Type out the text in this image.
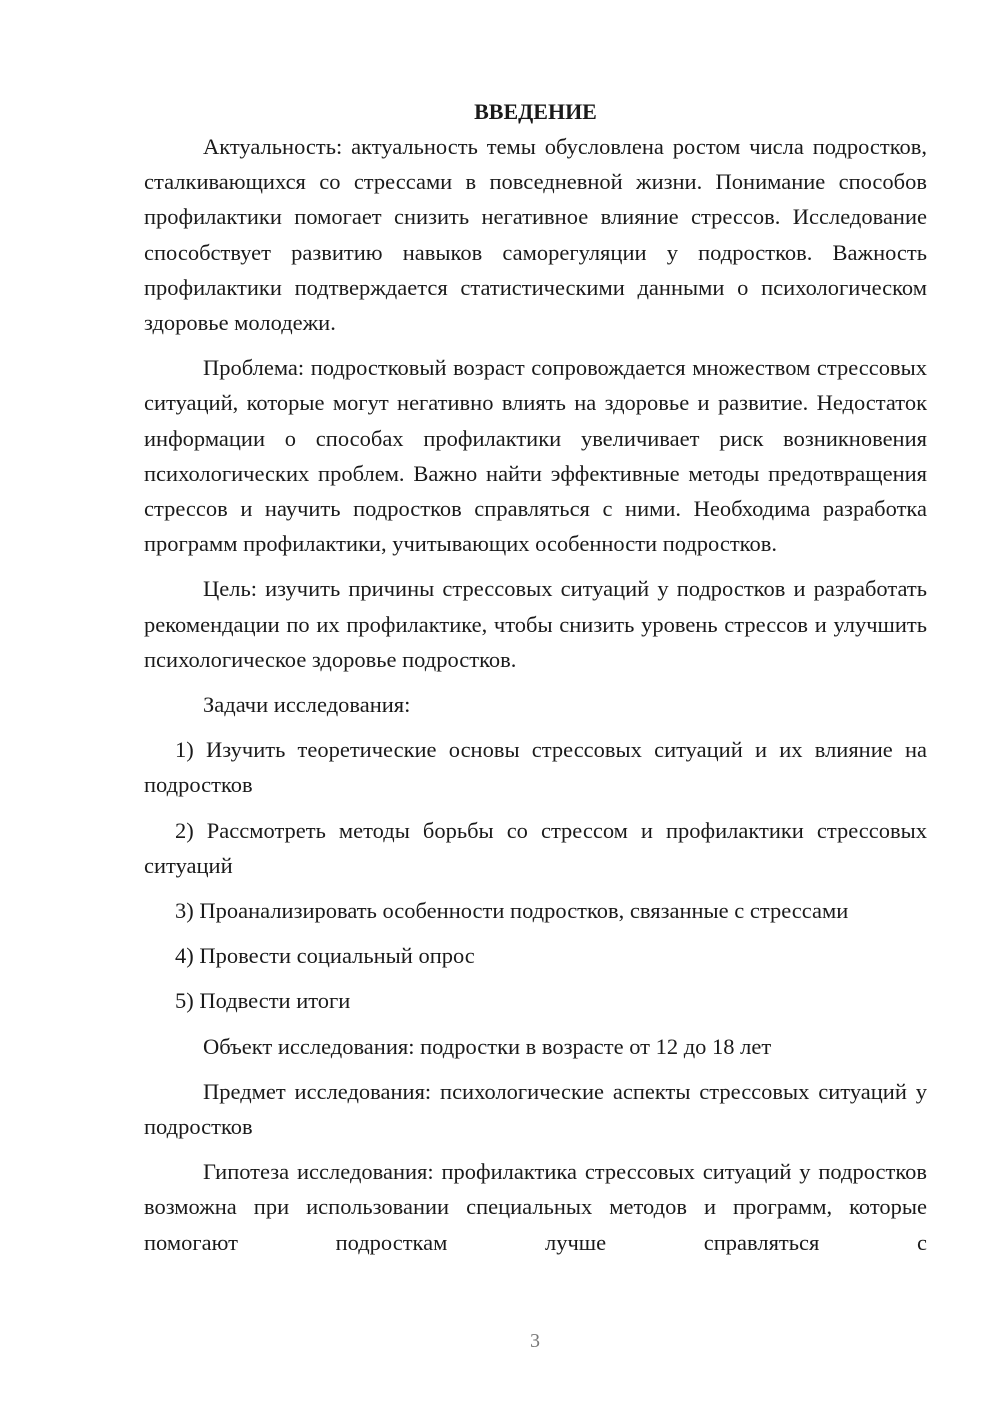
ВВЕДЕНИЕ

Актуальность: актуальность темы обусловлена ростом числа подростков, сталкивающихся со стрессами в повседневной жизни. Понимание способов профилактики помогает снизить негативное влияние стрессов. Исследование способствует развитию навыков саморегуляции у подростков. Важность профилактики подтверждается статистическими данными о психологическом здоровье молодежи.

Проблема: подростковый возраст сопровождается множеством стрессовых ситуаций, которые могут негативно влиять на здоровье и развитие. Недостаток информации о способах профилактики увеличивает риск возникновения психологических проблем. Важно найти эффективные методы предотвращения стрессов и научить подростков справляться с ними. Необходима разработка программ профилактики, учитывающих особенности подростков.

Цель: изучить причины стрессовых ситуаций у подростков и разработать рекомендации по их профилактике, чтобы снизить уровень стрессов и улучшить психологическое здоровье подростков.

Задачи исследования:

1) Изучить теоретические основы стрессовых ситуаций и их влияние на подростков

2) Рассмотреть методы борьбы со стрессом и профилактики стрессовых ситуаций

3) Проанализировать особенности подростков, связанные с стрессами

4) Провести социальный опрос

5) Подвести итоги

Объект исследования: подростки в возрасте от 12 до 18 лет

Предмет исследования: психологические аспекты стрессовых ситуаций у подростков

Гипотеза исследования: профилактика стрессовых ситуаций у подростков возможна при использовании специальных методов и программ, которые помогают подросткам лучше справляться с

3
